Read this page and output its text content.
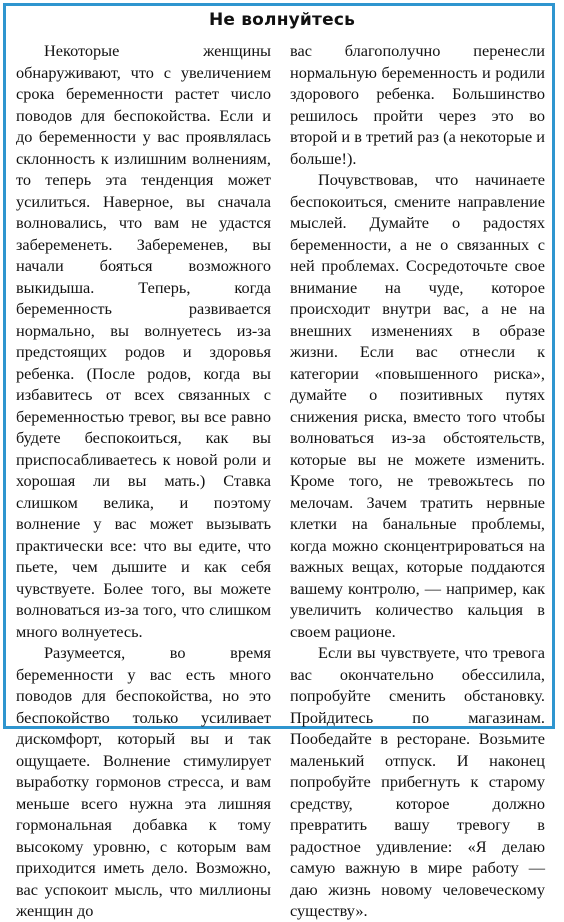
Не волнуйтесь

Некоторые женщины обнаруживают, что с увеличением срока беременности растет число поводов для беспокойства. Если и до беременности у вас проявлялась склонность к излишним волнениям, то теперь эта тенденция может усилиться. Наверное, вы сначала волновались, что вам не удастся забеременеть. Забеременев, вы начали бояться возможного выкидыша. Теперь, когда беременность развивается нормально, вы волнуетесь из-за предстоящих родов и здоровья ребенка. (После родов, когда вы избавитесь от всех связанных с беременностью тревог, вы все равно будете беспокоиться, как вы приспосабливаетесь к новой роли и хорошая ли вы мать.) Ставка слишком велика, и поэтому волнение у вас может вызывать практически все: что вы едите, что пьете, чем дышите и как себя чувствуете. Более того, вы можете волноваться из-за того, что слишком много волнуетесь.

Разумеется, во время беременности у вас есть много поводов для беспокойства, но это беспокойство только усиливает дискомфорт, который вы и так ощущаете. Волнение стимулирует выработку гормонов стресса, и вам меньше всего нужна эта лишняя гормональная добавка к тому высокому уровню, с которым вам приходится иметь дело. Возможно, вас успокоит мысль, что миллионы женщин до

вас благополучно перенесли нормальную беременность и родили здорового ребенка. Большинство решилось пройти через это во второй и в третий раз (а некоторые и больше!).

Почувствовав, что начинаете беспокоиться, смените направление мыслей. Думайте о радостях беременности, а не о связанных с ней проблемах. Сосредоточьте свое внимание на чуде, которое происходит внутри вас, а не на внешних изменениях в образе жизни. Если вас отнесли к категории «повышенного риска», думайте о позитивных путях снижения риска, вместо того чтобы волноваться из-за обстоятельств, которые вы не можете изменить. Кроме того, не тревожьтесь по мелочам. Зачем тратить нервные клетки на банальные проблемы, когда можно сконцентрироваться на важных вещах, которые поддаются вашему контролю, — например, как увеличить количество кальция в своем рационе.

Если вы чувствуете, что тревога вас окончательно обессилила, попробуйте сменить обстановку. Пройдитесь по магазинам. Пообедайте в ресторане. Возьмите маленький отпуск. И наконец попробуйте прибегнуть к старому средству, которое должно превратить вашу тревогу в радостное удивление: «Я делаю самую важную в мире работу — даю жизнь новому человеческому существу».
